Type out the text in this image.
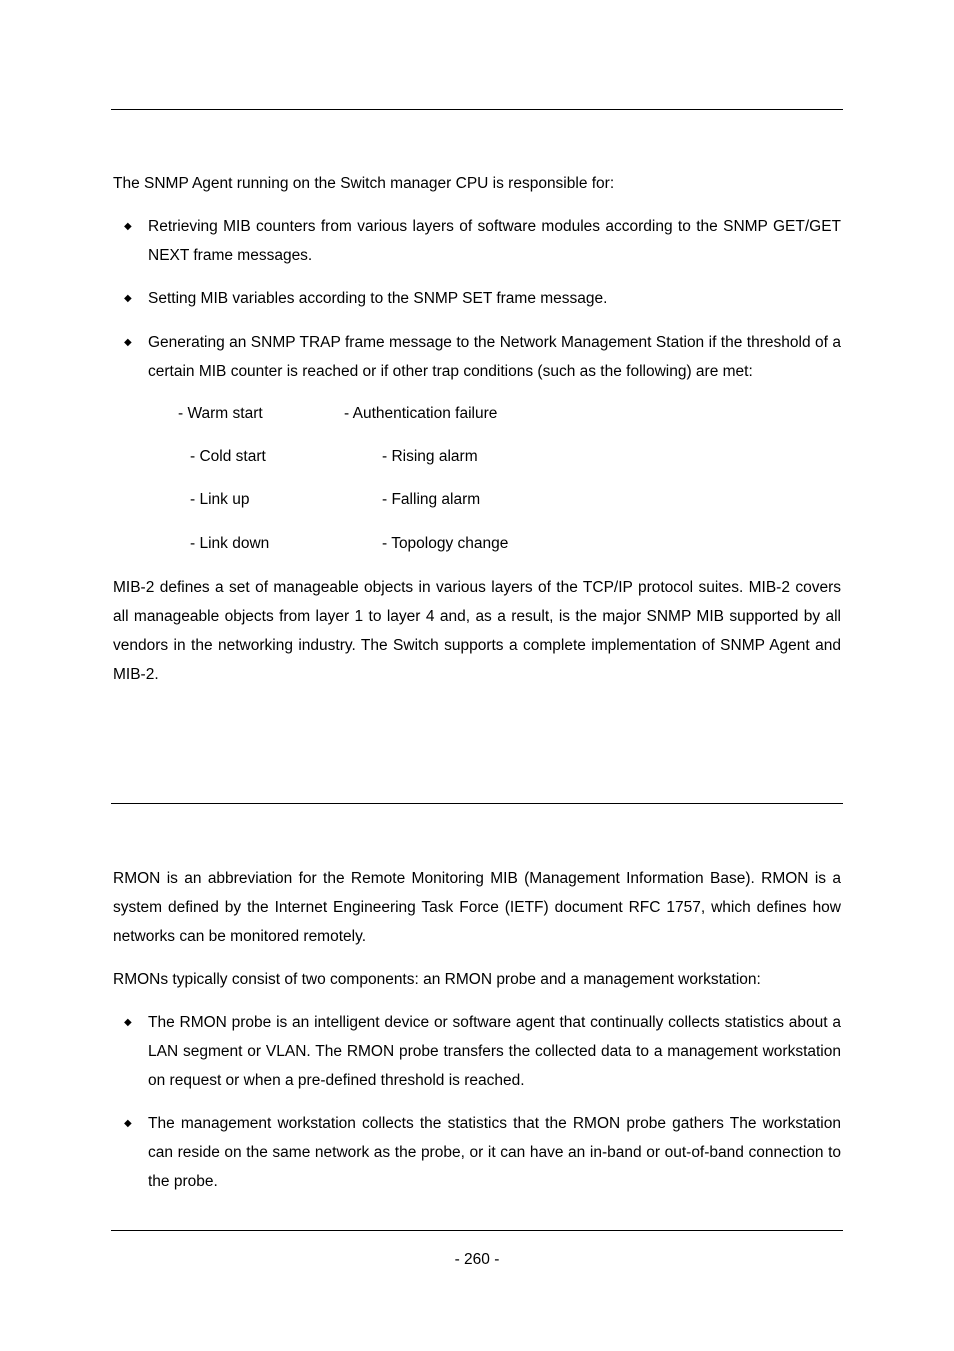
The SNMP Agent running on the Switch manager CPU is responsible for:

◆ Retrieving MIB counters from various layers of software modules according to the SNMP GET/GET NEXT frame messages.
◆ Setting MIB variables according to the SNMP SET frame message.
◆ Generating an SNMP TRAP frame message to the Network Management Station if the threshold of a certain MIB counter is reached or if other trap conditions (such as the following) are met:
- Warm start	- Authentication failure
- Cold start	- Rising alarm
- Link up	- Falling alarm
- Link down	- Topology change

MIB-2 defines a set of manageable objects in various layers of the TCP/IP protocol suites. MIB-2 covers all manageable objects from layer 1 to layer 4 and, as a result, is the major SNMP MIB supported by all vendors in the networking industry. The Switch supports a complete implementation of SNMP Agent and MIB-2.

RMON is an abbreviation for the Remote Monitoring MIB (Management Information Base). RMON is a system defined by the Internet Engineering Task Force (IETF) document RFC 1757, which defines how networks can be monitored remotely.

RMONs typically consist of two components: an RMON probe and a management workstation:

◆ The RMON probe is an intelligent device or software agent that continually collects statistics about a LAN segment or VLAN. The RMON probe transfers the collected data to a management workstation on request or when a pre-defined threshold is reached.
◆ The management workstation collects the statistics that the RMON probe gathers The workstation can reside on the same network as the probe, or it can have an in-band or out-of-band connection to the probe.
- 260 -
